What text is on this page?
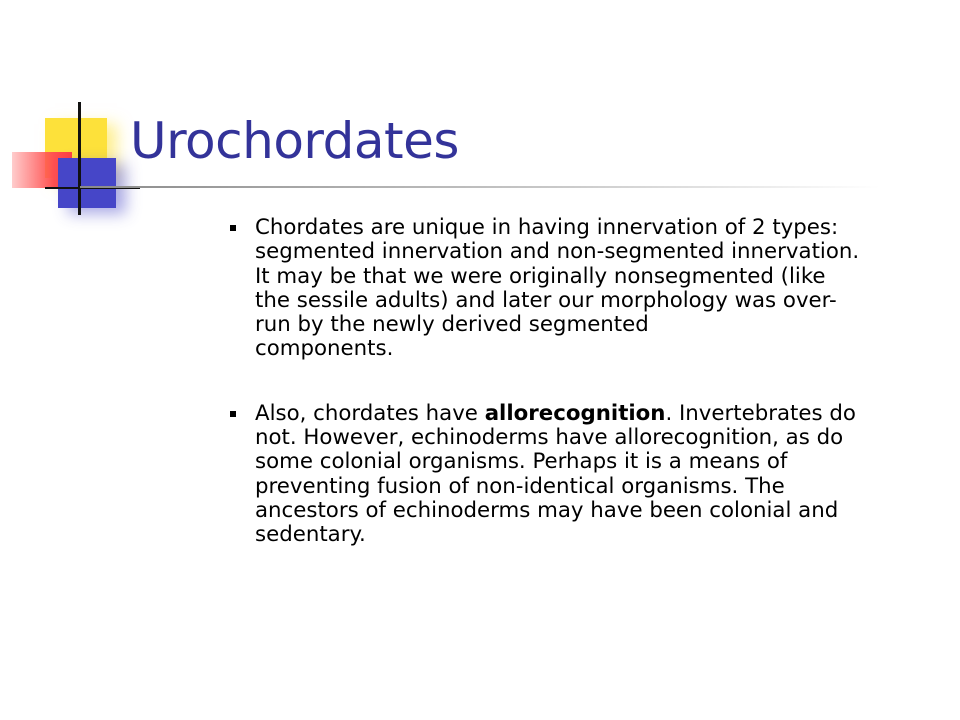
Urochordates
Chordates are unique in having innervation of 2 types:
segmented innervation and non-segmented innervation.
It may be that we were originally nonsegmented (like
the sessile adults) and later our morphology was over-
run by the newly derived segmented
components.
Also, chordates have allorecognition. Invertebrates do
not. However, echinoderms have allorecognition, as do
some colonial organisms. Perhaps it is a means of
preventing fusion of non-identical organisms. The
ancestors of echinoderms may have been colonial and
sedentary.
